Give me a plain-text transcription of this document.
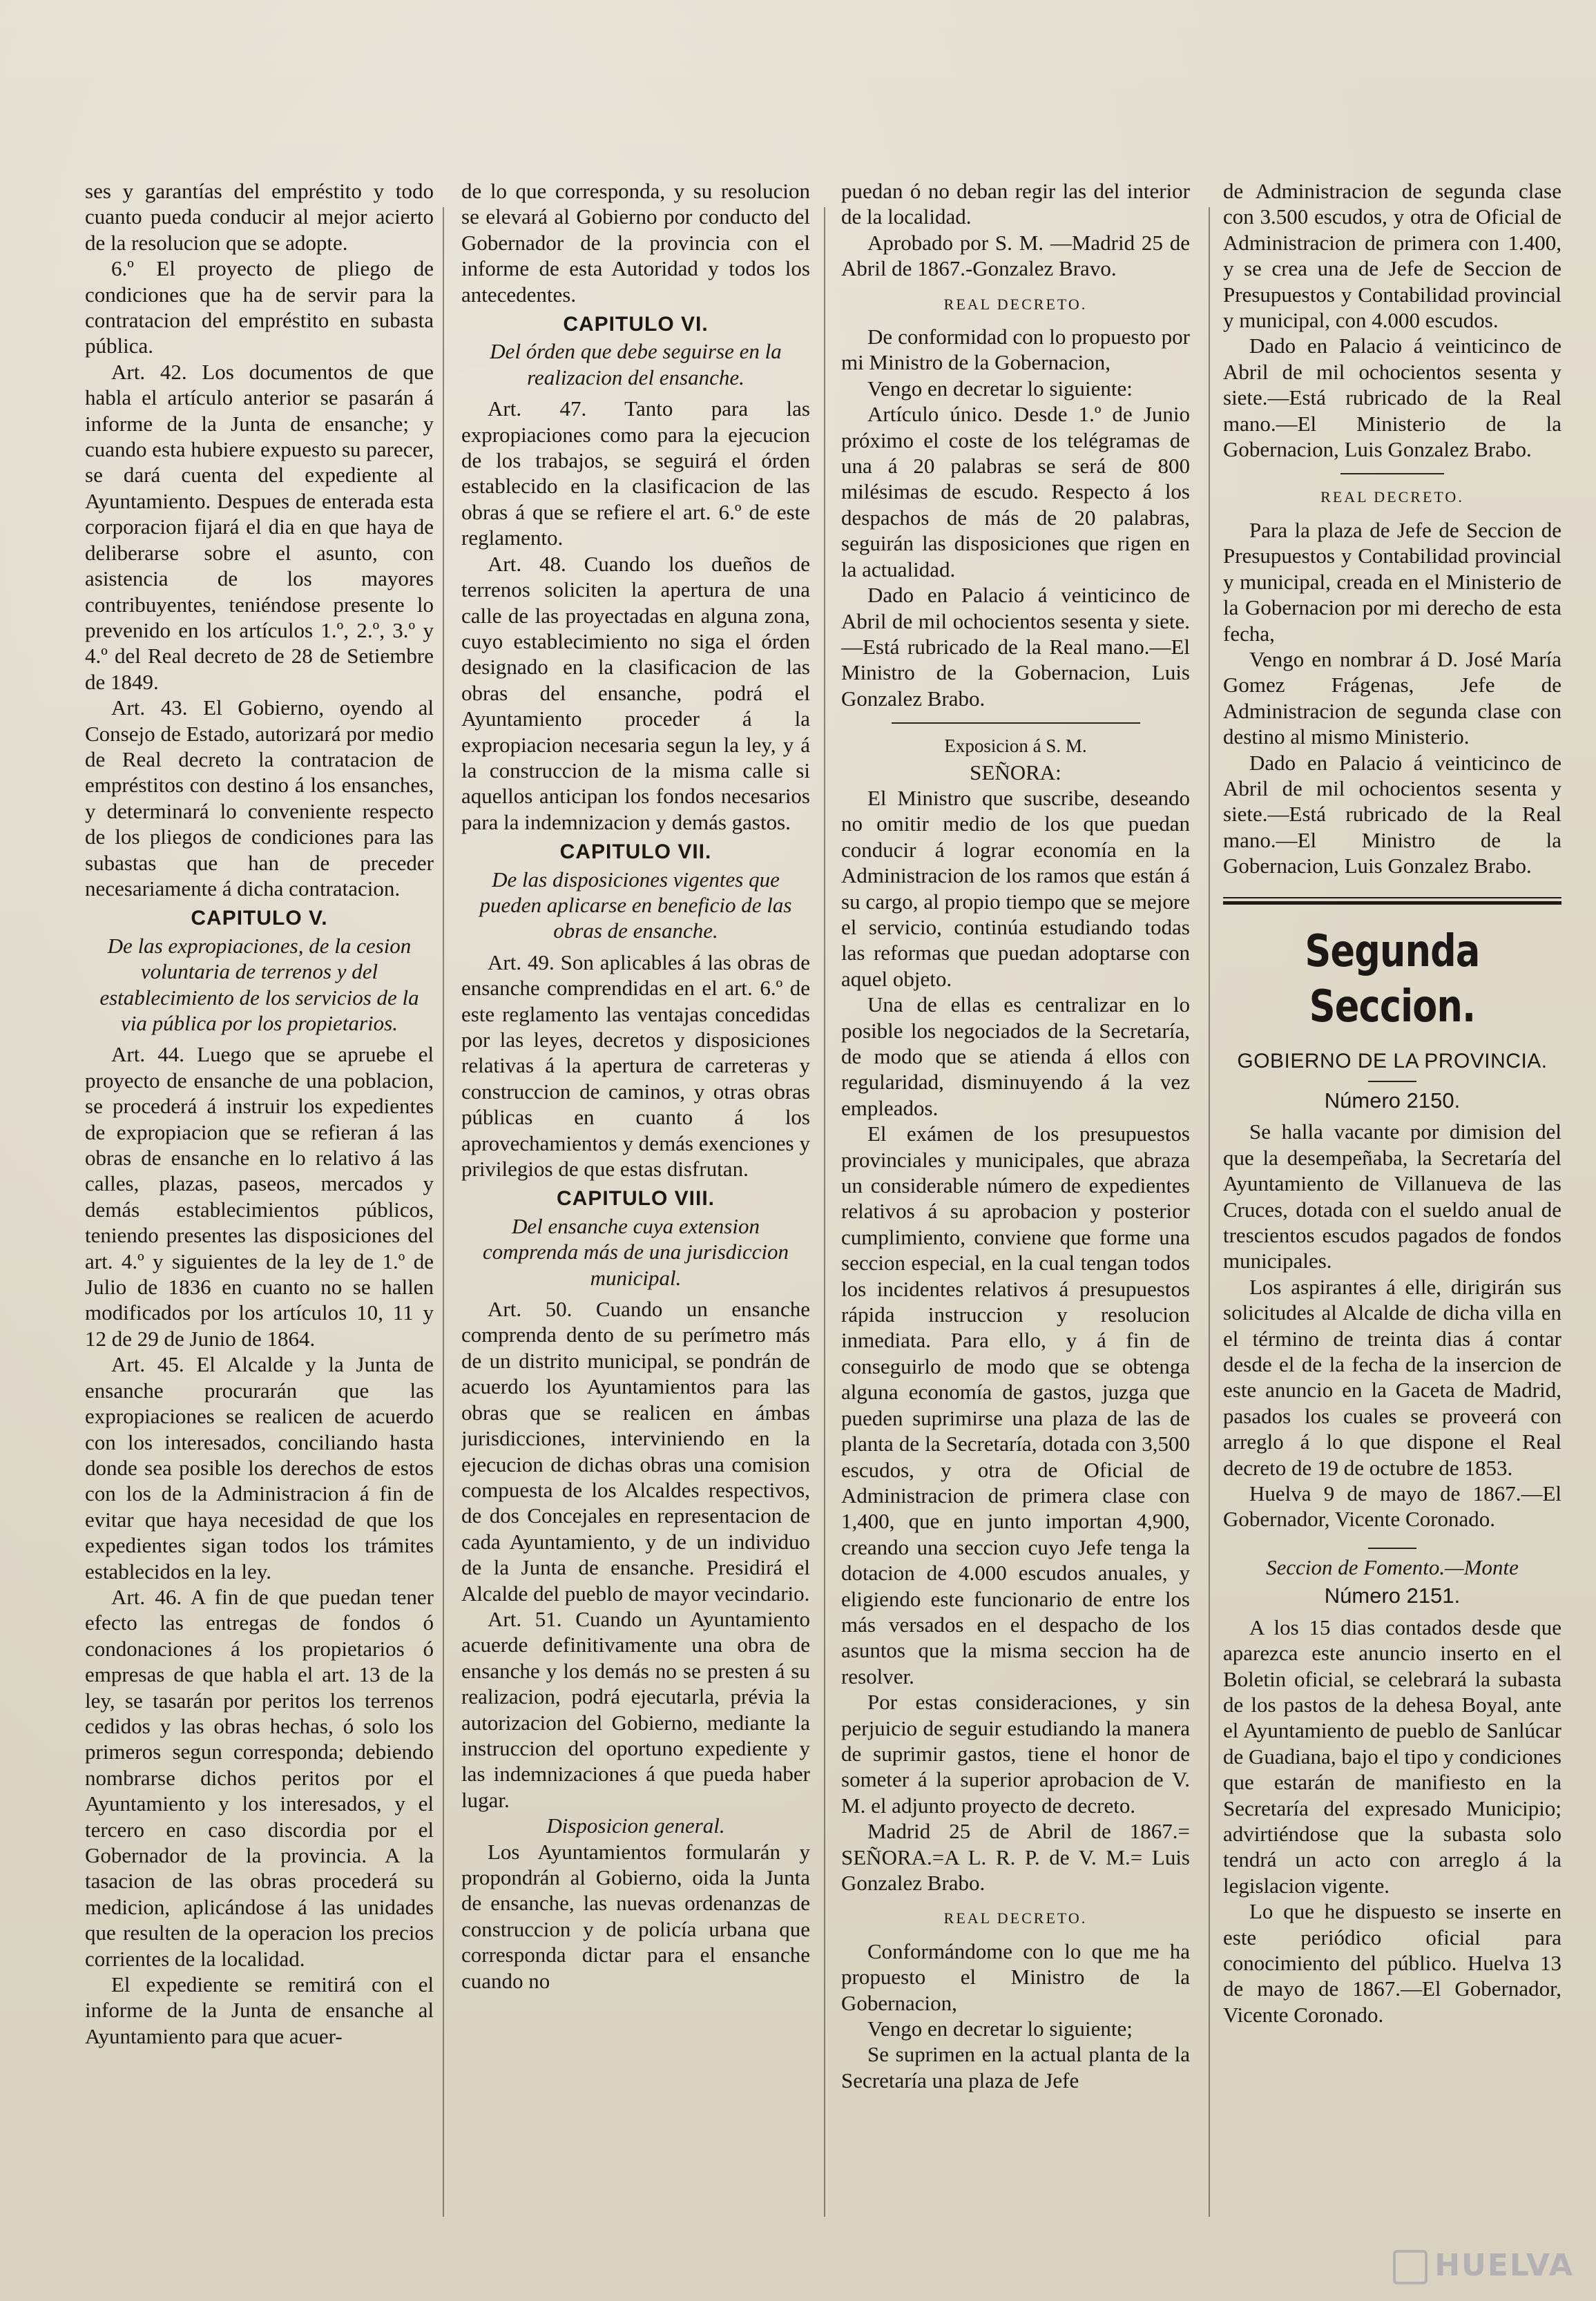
ses y garantías del empréstito y todo cuanto pueda conducir al mejor acierto de la resolucion que se adopte.

6.º El proyecto de pliego de condiciones que ha de servir para la contratacion del empréstito en subasta pública.

Art. 42. Los documentos de que habla el artículo anterior se pasarán á informe de la Junta de ensanche; y cuando esta hubiere expuesto su parecer, se dará cuenta del expediente al Ayuntamiento. Despues de enterada esta corporacion fijará el dia en que haya de deliberarse sobre el asunto, con asistencia de los mayores contribuyentes, teniéndose presente lo prevenido en los artículos 1.º, 2.º, 3.º y 4.º del Real decreto de 28 de Setiembre de 1849.

Art. 43. El Gobierno, oyendo al Consejo de Estado, autorizará por medio de Real decreto la contratacion de empréstitos con destino á los ensanches, y determinará lo conveniente respecto de los pliegos de condiciones para las subastas que han de preceder necesariamente á dicha contratacion.

CAPITULO V.

De las expropiaciones, de la cesion voluntaria de terrenos y del establecimiento de los servicios de la via pública por los propietarios.

Art. 44. Luego que se apruebe el proyecto de ensanche de una poblacion, se procederá á instruir los expedientes de expropiacion que se refieran á las obras de ensanche en lo relativo á las calles, plazas, paseos, mercados y demás establecimientos públicos, teniendo presentes las disposiciones del art. 4.º y siguientes de la ley de 1.º de Julio de 1836 en cuanto no se hallen modificados por los artículos 10, 11 y 12 de 29 de Junio de 1864.

Art. 45. El Alcalde y la Junta de ensanche procurarán que las expropiaciones se realicen de acuerdo con los interesados, conciliando hasta donde sea posible los derechos de estos con los de la Administracion á fin de evitar que haya necesidad de que los expedientes sigan todos los trámites establecidos en la ley.

Art. 46. A fin de que puedan tener efecto las entregas de fondos ó condonaciones á los propietarios ó empresas de que habla el art. 13 de la ley, se tasarán por peritos los terrenos cedidos y las obras hechas, ó solo los primeros segun corresponda; debiendo nombrarse dichos peritos por el Ayuntamiento y los interesados, y el tercero en caso discordia por el Gobernador de la provincia. A la tasacion de las obras procederá su medicion, aplicándose á las unidades que resulten de la operacion los precios corrientes de la localidad.

El expediente se remitirá con el informe de la Junta de ensanche al Ayuntamiento para que acuer-

de lo que corresponda, y su resolucion se elevará al Gobierno por conducto del Gobernador de la provincia con el informe de esta Autoridad y todos los antecedentes.

CAPITULO VI.

Del órden que debe seguirse en la realizacion del ensanche.

Art. 47. Tanto para las expropiaciones como para la ejecucion de los trabajos, se seguirá el órden establecido en la clasificacion de las obras á que se refiere el art. 6.º de este reglamento.

Art. 48. Cuando los dueños de terrenos soliciten la apertura de una calle de las proyectadas en alguna zona, cuyo establecimiento no siga el órden designado en la clasificacion de las obras del ensanche, podrá el Ayuntamiento proceder á la expropiacion necesaria segun la ley, y á la construccion de la misma calle si aquellos anticipan los fondos necesarios para la indemnizacion y demás gastos.

CAPITULO VII.

De las disposiciones vigentes que pueden aplicarse en beneficio de las obras de ensanche.

Art. 49. Son aplicables á las obras de ensanche comprendidas en el art. 6.º de este reglamento las ventajas concedidas por las leyes, decretos y disposiciones relativas á la apertura de carreteras y construccion de caminos, y otras obras públicas en cuanto á los aprovechamientos y demás exenciones y privilegios de que estas disfrutan.

CAPITULO VIII.

Del ensanche cuya extension comprenda más de una jurisdiccion municipal.

Art. 50. Cuando un ensanche comprenda dento de su perímetro más de un distrito municipal, se pondrán de acuerdo los Ayuntamientos para las obras que se realicen en ámbas jurisdicciones, interviniendo en la ejecucion de dichas obras una comision compuesta de los Alcaldes respectivos, de dos Concejales en representacion de cada Ayuntamiento, y de un individuo de la Junta de ensanche. Presidirá el Alcalde del pueblo de mayor vecindario.

Art. 51. Cuando un Ayuntamiento acuerde definitivamente una obra de ensanche y los demás no se presten á su realizacion, podrá ejecutarla, prévia la autorizacion del Gobierno, mediante la instruccion del oportuno expediente y las indemnizaciones á que pueda haber lugar.

Disposicion general.

Los Ayuntamientos formularán y propondrán al Gobierno, oida la Junta de ensanche, las nuevas ordenanzas de construccion y de policía urbana que corresponda dictar para el ensanche cuando no

puedan ó no deban regir las del interior de la localidad.

Aprobado por S. M. —Madrid 25 de Abril de 1867.-Gonzalez Bravo.

REAL DECRETO.

De conformidad con lo propuesto por mi Ministro de la Gobernacion,

Vengo en decretar lo siguiente:

Artículo único. Desde 1.º de Junio próximo el coste de los telégramas de una á 20 palabras se será de 800 milésimas de escudo. Respecto á los despachos de más de 20 palabras, seguirán las disposiciones que rigen en la actualidad.

Dado en Palacio á veinticinco de Abril de mil ochocientos sesenta y siete.—Está rubricado de la Real mano.—El Ministro de la Gobernacion, Luis Gonzalez Brabo.

Exposicion á S. M.

SEÑORA:

El Ministro que suscribe, deseando no omitir medio de los que puedan conducir á lograr economía en la Administracion de los ramos que están á su cargo, al propio tiempo que se mejore el servicio, continúa estudiando todas las reformas que puedan adoptarse con aquel objeto.

Una de ellas es centralizar en lo posible los negociados de la Secretaría, de modo que se atienda á ellos con regularidad, disminuyendo á la vez empleados.

El exámen de los presupuestos provinciales y municipales, que abraza un considerable número de expedientes relativos á su aprobacion y posterior cumplimiento, conviene que forme una seccion especial, en la cual tengan todos los incidentes relativos á presupuestos rápida instruccion y resolucion inmediata. Para ello, y á fin de conseguirlo de modo que se obtenga alguna economía de gastos, juzga que pueden suprimirse una plaza de las de planta de la Secretaría, dotada con 3,500 escudos, y otra de Oficial de Administracion de primera clase con 1,400, que en junto importan 4,900, creando una seccion cuyo Jefe tenga la dotacion de 4.000 escudos anuales, y eligiendo este funcionario de entre los más versados en el despacho de los asuntos que la misma seccion ha de resolver.

Por estas consideraciones, y sin perjuicio de seguir estudiando la manera de suprimir gastos, tiene el honor de someter á la superior aprobacion de V. M. el adjunto proyecto de decreto.

Madrid 25 de Abril de 1867.= SEÑORA.=A L. R. P. de V. M.= Luis Gonzalez Brabo.

REAL DECRETO.

Conformándome con lo que me ha propuesto el Ministro de la Gobernacion,

Vengo en decretar lo siguiente;

Se suprimen en la actual planta de la Secretaría una plaza de Jefe

de Administracion de segunda clase con 3.500 escudos, y otra de Oficial de Administracion de primera con 1.400, y se crea una de Jefe de Seccion de Presupuestos y Contabilidad provincial y municipal, con 4.000 escudos.

Dado en Palacio á veinticinco de Abril de mil ochocientos sesenta y siete.—Está rubricado de la Real mano.—El Ministerio de la Gobernacion, Luis Gonzalez Brabo.

REAL DECRETO.

Para la plaza de Jefe de Seccion de Presupuestos y Contabilidad provincial y municipal, creada en el Ministerio de la Gobernacion por mi derecho de esta fecha,

Vengo en nombrar á D. José María Gomez Frágenas, Jefe de Administracion de segunda clase con destino al mismo Ministerio.

Dado en Palacio á veinticinco de Abril de mil ochocientos sesenta y siete.—Está rubricado de la Real mano.—El Ministro de la Gobernacion, Luis Gonzalez Brabo.

Segunda Seccion.
GOBIERNO DE LA PROVINCIA.
Número 2150.

Se halla vacante por dimision del que la desempeñaba, la Secretaría del Ayuntamiento de Villanueva de las Cruces, dotada con el sueldo anual de trescientos escudos pagados de fondos municipales.

Los aspirantes á elle, dirigirán sus solicitudes al Alcalde de dicha villa en el término de treinta dias á contar desde el de la fecha de la insercion de este anuncio en la Gaceta de Madrid, pasados los cuales se proveerá con arreglo á lo que dispone el Real decreto de 19 de octubre de 1853.

Huelva 9 de mayo de 1867.—El Gobernador, Vicente Coronado.

Seccion de Fomento.—Monte

Número 2151.

A los 15 dias contados desde que aparezca este anuncio inserto en el Boletin oficial, se celebrará la subasta de los pastos de la dehesa Boyal, ante el Ayuntamiento de pueblo de Sanlúcar de Guadiana, bajo el tipo y condiciones que estarán de manifiesto en la Secretaría del expresado Municipio; advirtiéndose que la subasta solo tendrá un acto con arreglo á la legislacion vigente.

Lo que he dispuesto se inserte en este periódico oficial para conocimiento del público. Huelva 13 de mayo de 1867.—El Gobernador, Vicente Coronado.

HUELVA
